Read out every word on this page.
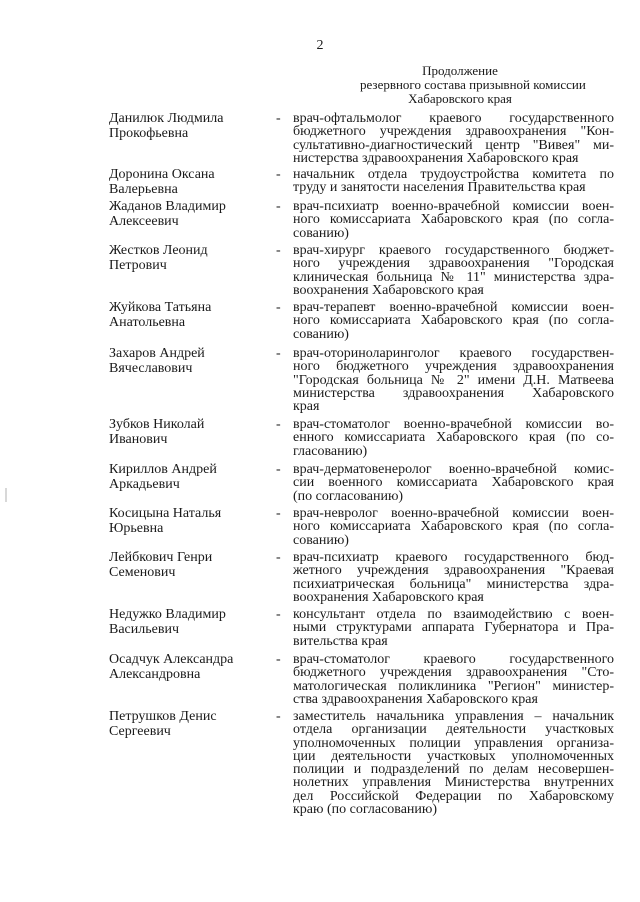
2
Продолжение
резервного состава призывной комиссии
Хабаровского края
Данилюк Людмила
Прокофьевна
- врач-офтальмолог краевого государственного
бюджетного учреждения здравоохранения "Кон-
сультативно-диагностический центр "Вивея" ми-
нистерства здравоохранения Хабаровского края
Доронина Оксана
Валерьевна
- начальник отдела трудоустройства комитета по
труду и занятости населения Правительства края
Жаданов Владимир
Алексеевич
- врач-психиатр военно-врачебной комиссии воен-
ного комиссариата Хабаровского края (по согла-
сованию)
Жестков Леонид
Петрович
- врач-хирург краевого государственного бюджет-
ного учреждения здравоохранения "Городская
клиническая больница № 11" министерства здра-
воохранения Хабаровского края
Жуйкова Татьяна
Анатольевна
- врач-терапевт военно-врачебной комиссии воен-
ного комиссариата Хабаровского края (по согла-
сованию)
Захаров Андрей
Вячеславович
- врач-оториноларинголог краевого государствен-
ного бюджетного учреждения здравоохранения
"Городская больница № 2" имени Д.Н. Матвеева
министерства здравоохранения Хабаровского
края
Зубков Николай
Иванович
- врач-стоматолог военно-врачебной комиссии во-
енного комиссариата Хабаровского края (по со-
гласованию)
Кириллов Андрей
Аркадьевич
- врач-дерматовенеролог военно-врачебной комис-
сии военного комиссариата Хабаровского края
(по согласованию)
Косицына Наталья
Юрьевна
- врач-невролог военно-врачебной комиссии воен-
ного комиссариата Хабаровского края (по согла-
сованию)
Лейбкович Генри
Семенович
- врач-психиатр краевого государственного бюд-
жетного учреждения здравоохранения "Краевая
психиатрическая больница" министерства здра-
воохранения Хабаровского края
Недужко Владимир
Васильевич
- консультант отдела по взаимодействию с воен-
ными структурами аппарата Губернатора и Пра-
вительства края
Осадчук Александра
Александровна
- врач-стоматолог краевого государственного
бюджетного учреждения здравоохранения "Сто-
матологическая поликлиника "Регион" министер-
ства здравоохранения Хабаровского края
Петрушков Денис
Сергеевич
- заместитель начальника управления – начальник
отдела организации деятельности участковых
уполномоченных полиции управления организа-
ции деятельности участковых уполномоченных
полиции и подразделений по делам несовершен-
нолетних управления Министерства внутренних
дел Российской Федерации по Хабаровскому
краю (по согласованию)
